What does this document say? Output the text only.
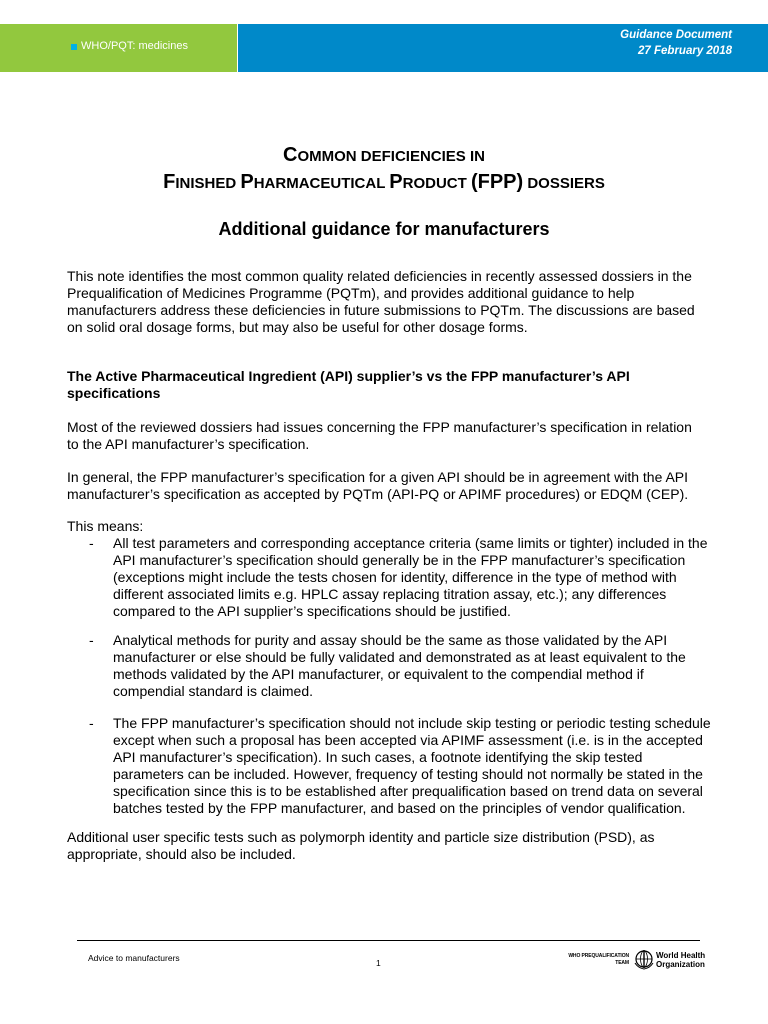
WHO/PQT: medicines
Guidance Document
27 February 2018
COMMON DEFICIENCIES IN
FINISHED PHARMACEUTICAL PRODUCT (FPP) DOSSIERS
Additional guidance for manufacturers

This note identifies the most common quality related deficiencies in recently assessed dossiers in the Prequalification of Medicines Programme (PQTm), and provides additional guidance to help manufacturers address these deficiencies in future submissions to PQTm. The discussions are based on solid oral dosage forms, but may also be useful for other dosage forms.

The Active Pharmaceutical Ingredient (API) supplier’s vs the FPP manufacturer’s API specifications

Most of the reviewed dossiers had issues concerning the FPP manufacturer’s specification in relation to the API manufacturer’s specification.

In general, the FPP manufacturer’s specification for a given API should be in agreement with the API manufacturer’s specification as accepted by PQTm (API-PQ or APIMF procedures) or EDQM (CEP).

This means:

- All test parameters and corresponding acceptance criteria (same limits or tighter) included in the API manufacturer’s specification should generally be in the FPP manufacturer’s specification (exceptions might include the tests chosen for identity, difference in the type of method with different associated limits e.g. HPLC assay replacing titration assay, etc.); any differences compared to the API supplier’s specifications should be justified.
- Analytical methods for purity and assay should be the same as those validated by the API manufacturer or else should be fully validated and demonstrated as at least equivalent to the methods validated by the API manufacturer, or equivalent to the compendial method if compendial standard is claimed.
- The FPP manufacturer’s specification should not include skip testing or periodic testing schedule except when such a proposal has been accepted via APIMF assessment (i.e. is in the accepted API manufacturer’s specification). In such cases, a footnote identifying the skip tested parameters can be included. However, frequency of testing should not normally be stated in the specification since this is to be established after prequalification based on trend data on several batches tested by the FPP manufacturer, and based on the principles of vendor qualification.

Additional user specific tests such as polymorph identity and particle size distribution (PSD), as appropriate, should also be included.

Advice to manufacturers	1
WHO PREQUALIFICATION
TEAM
World Health
Organization
